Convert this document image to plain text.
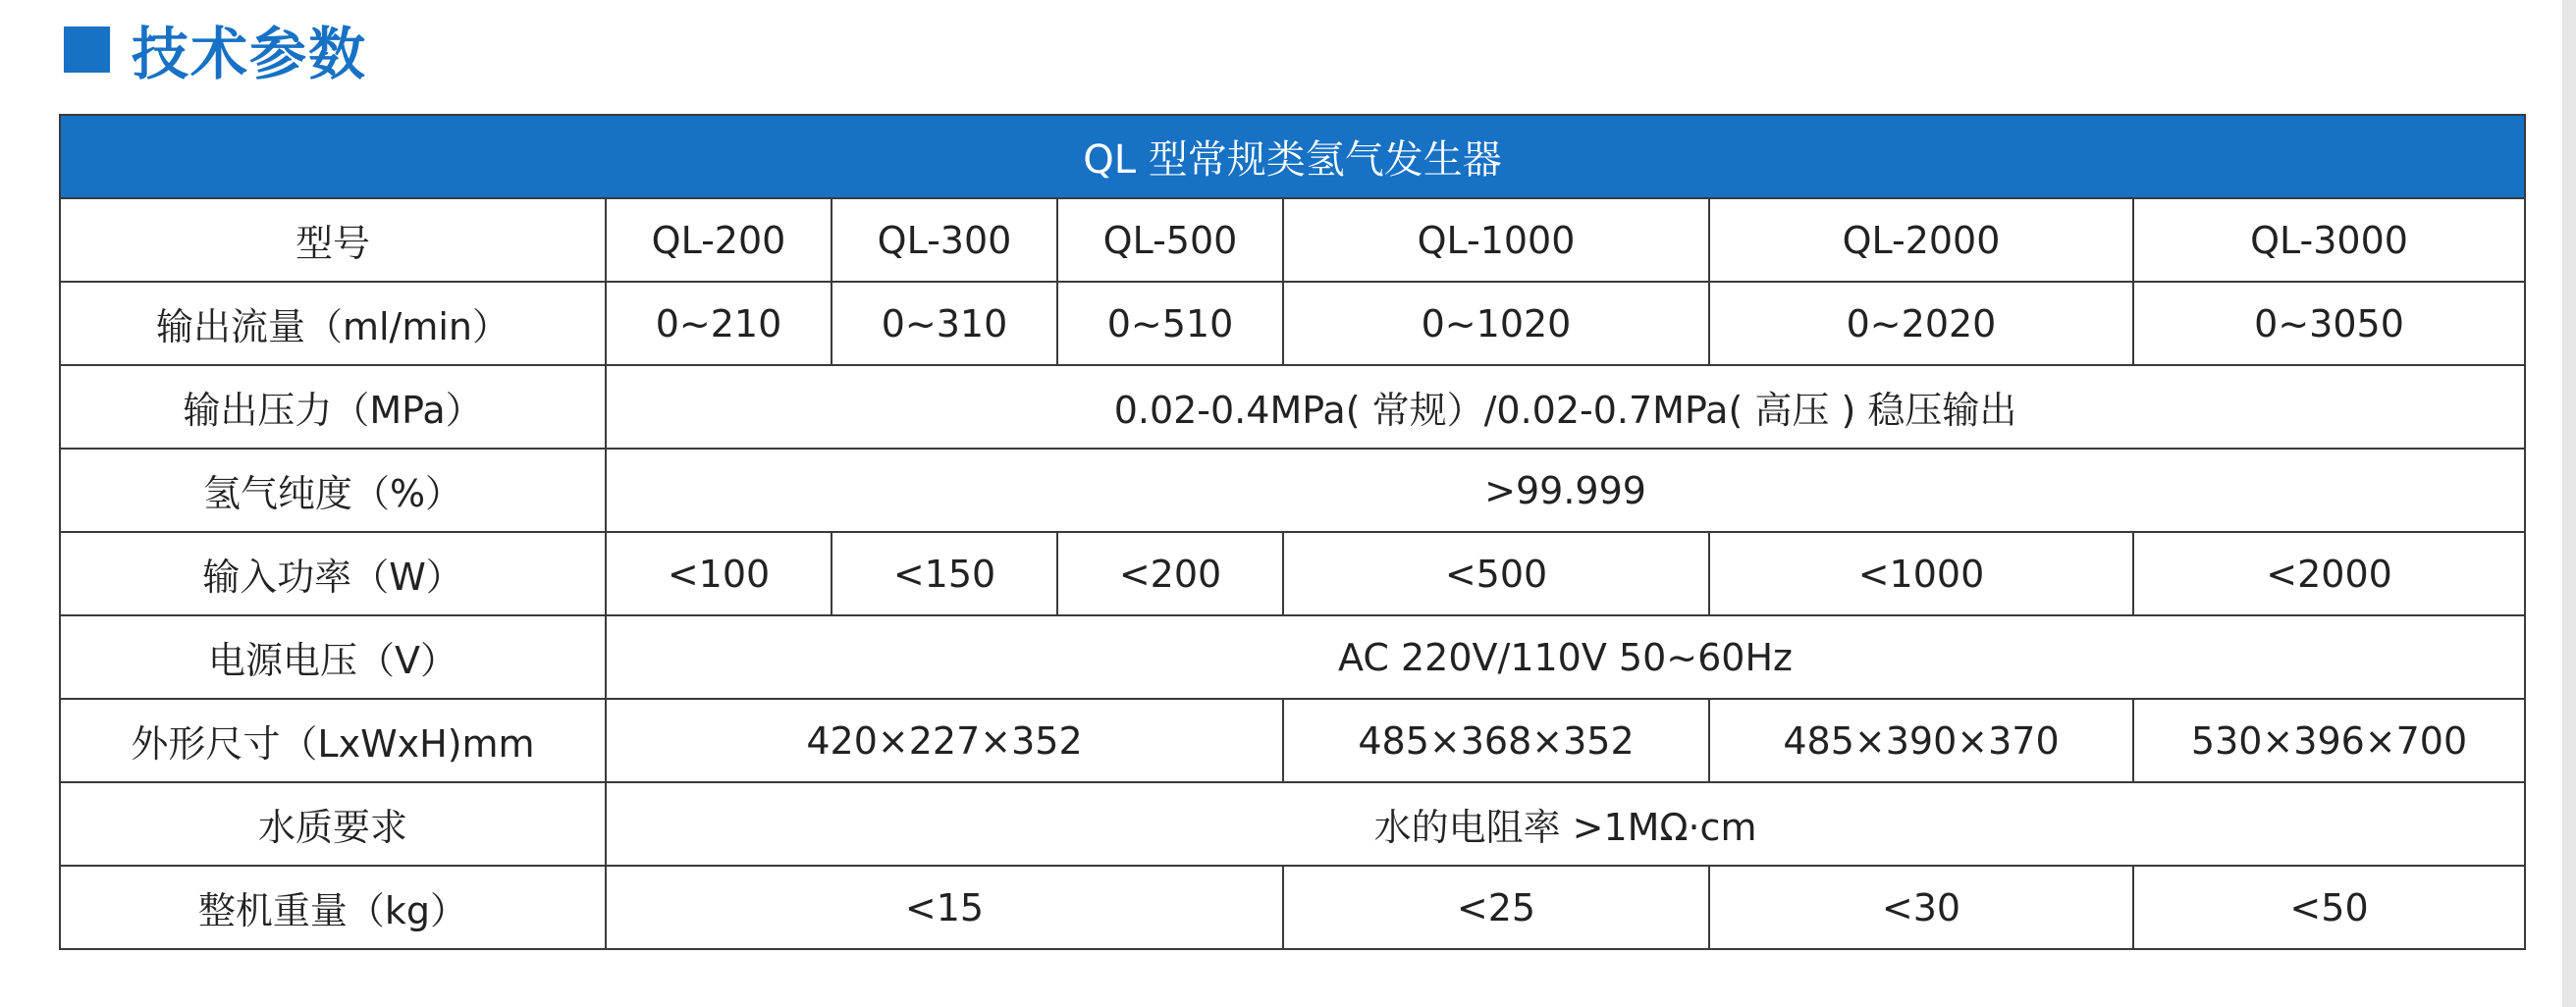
技术参数
QL 型常规类氢气发生器						
型号	QL-200	QL-300	QL-500	QL-1000	QL-2000	QL-3000
输出流量（ml/min）	0~210	0~310	0~510	0~1020	0~2020	0~3050
输出压力（MPa）	0.02-0.4MPa( 常规）/0.02-0.7MPa( 高压 ) 稳压输出					
氢气纯度（%）	>99.999					
输入功率（W）	<100	<150	<200	<500	<1000	<2000
电源电压（V）	AC 220V/110V 50~60Hz					
外形尺寸（LxWxH)mm	420×227×352			485×368×352	485×390×370	530×396×700
水质要求	水的电阻率 >1MΩ·cm					
整机重量（kg）	<15			<25	<30	<50
